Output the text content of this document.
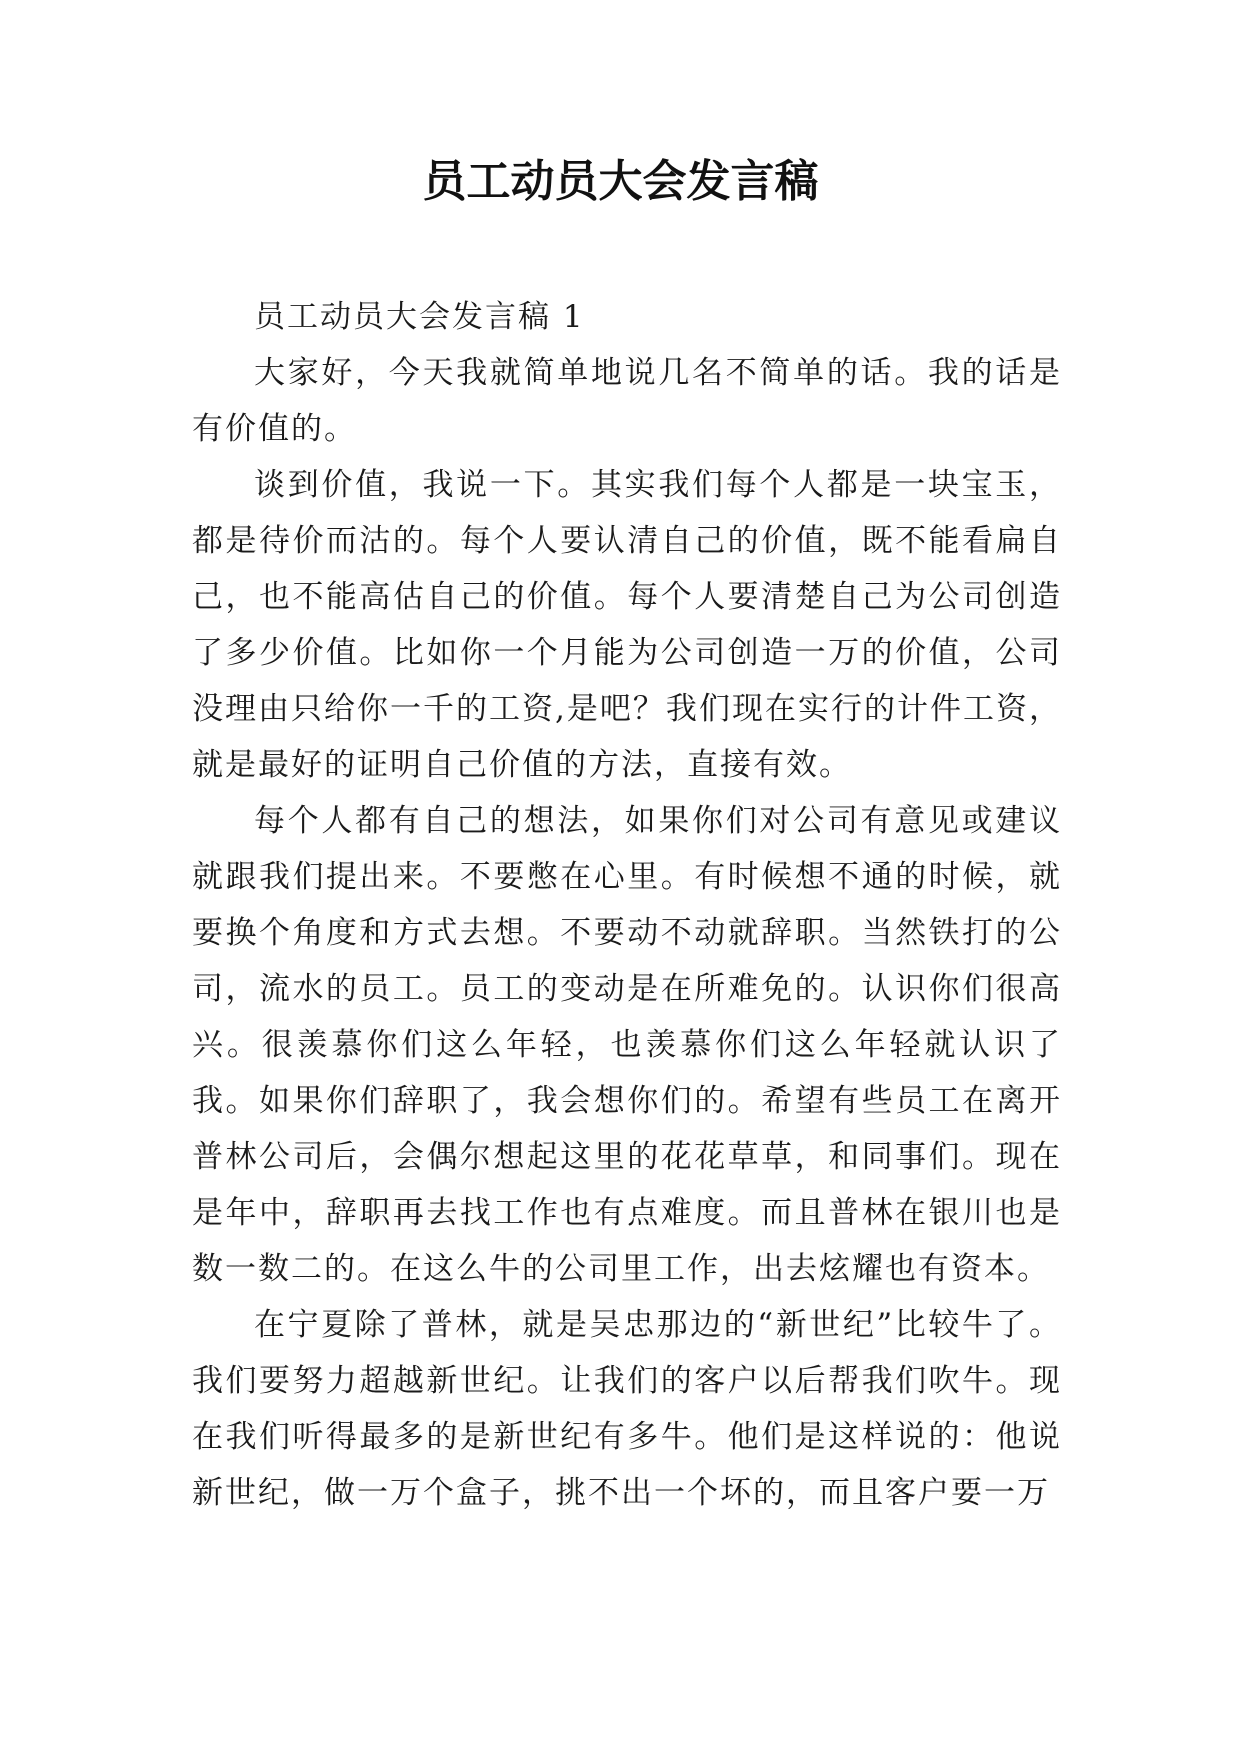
员工动员大会发言稿

员工动员大会发言稿 1

大家好，今天我就简单地说几名不简单的话。我的话是有价值的。

谈到价值，我说一下。其实我们每个人都是一块宝玉，都是待价而沽的。每个人要认清自己的价值，既不能看扁自己，也不能高估自己的价值。每个人要清楚自己为公司创造了多少价值。比如你一个月能为公司创造一万的价值，公司没理由只给你一千的工资,是吧？我们现在实行的计件工资，就是最好的证明自己价值的方法，直接有效。

每个人都有自己的想法，如果你们对公司有意见或建议就跟我们提出来。不要憋在心里。有时候想不通的时候，就要换个角度和方式去想。不要动不动就辞职。当然铁打的公司，流水的员工。员工的变动是在所难免的。认识你们很高兴。很羡慕你们这么年轻，也羡慕你们这么年轻就认识了我。如果你们辞职了，我会想你们的。希望有些员工在离开普林公司后，会偶尔想起这里的花花草草，和同事们。现在是年中，辞职再去找工作也有点难度。而且普林在银川也是数一数二的。在这么牛的公司里工作，出去炫耀也有资本。

在宁夏除了普林，就是吴忠那边的“新世纪”比较牛了。我们要努力超越新世纪。让我们的客户以后帮我们吹牛。现在我们听得最多的是新世纪有多牛。他们是这样说的：他说新世纪，做一万个盒子，挑不出一个坏的，而且客户要一万
